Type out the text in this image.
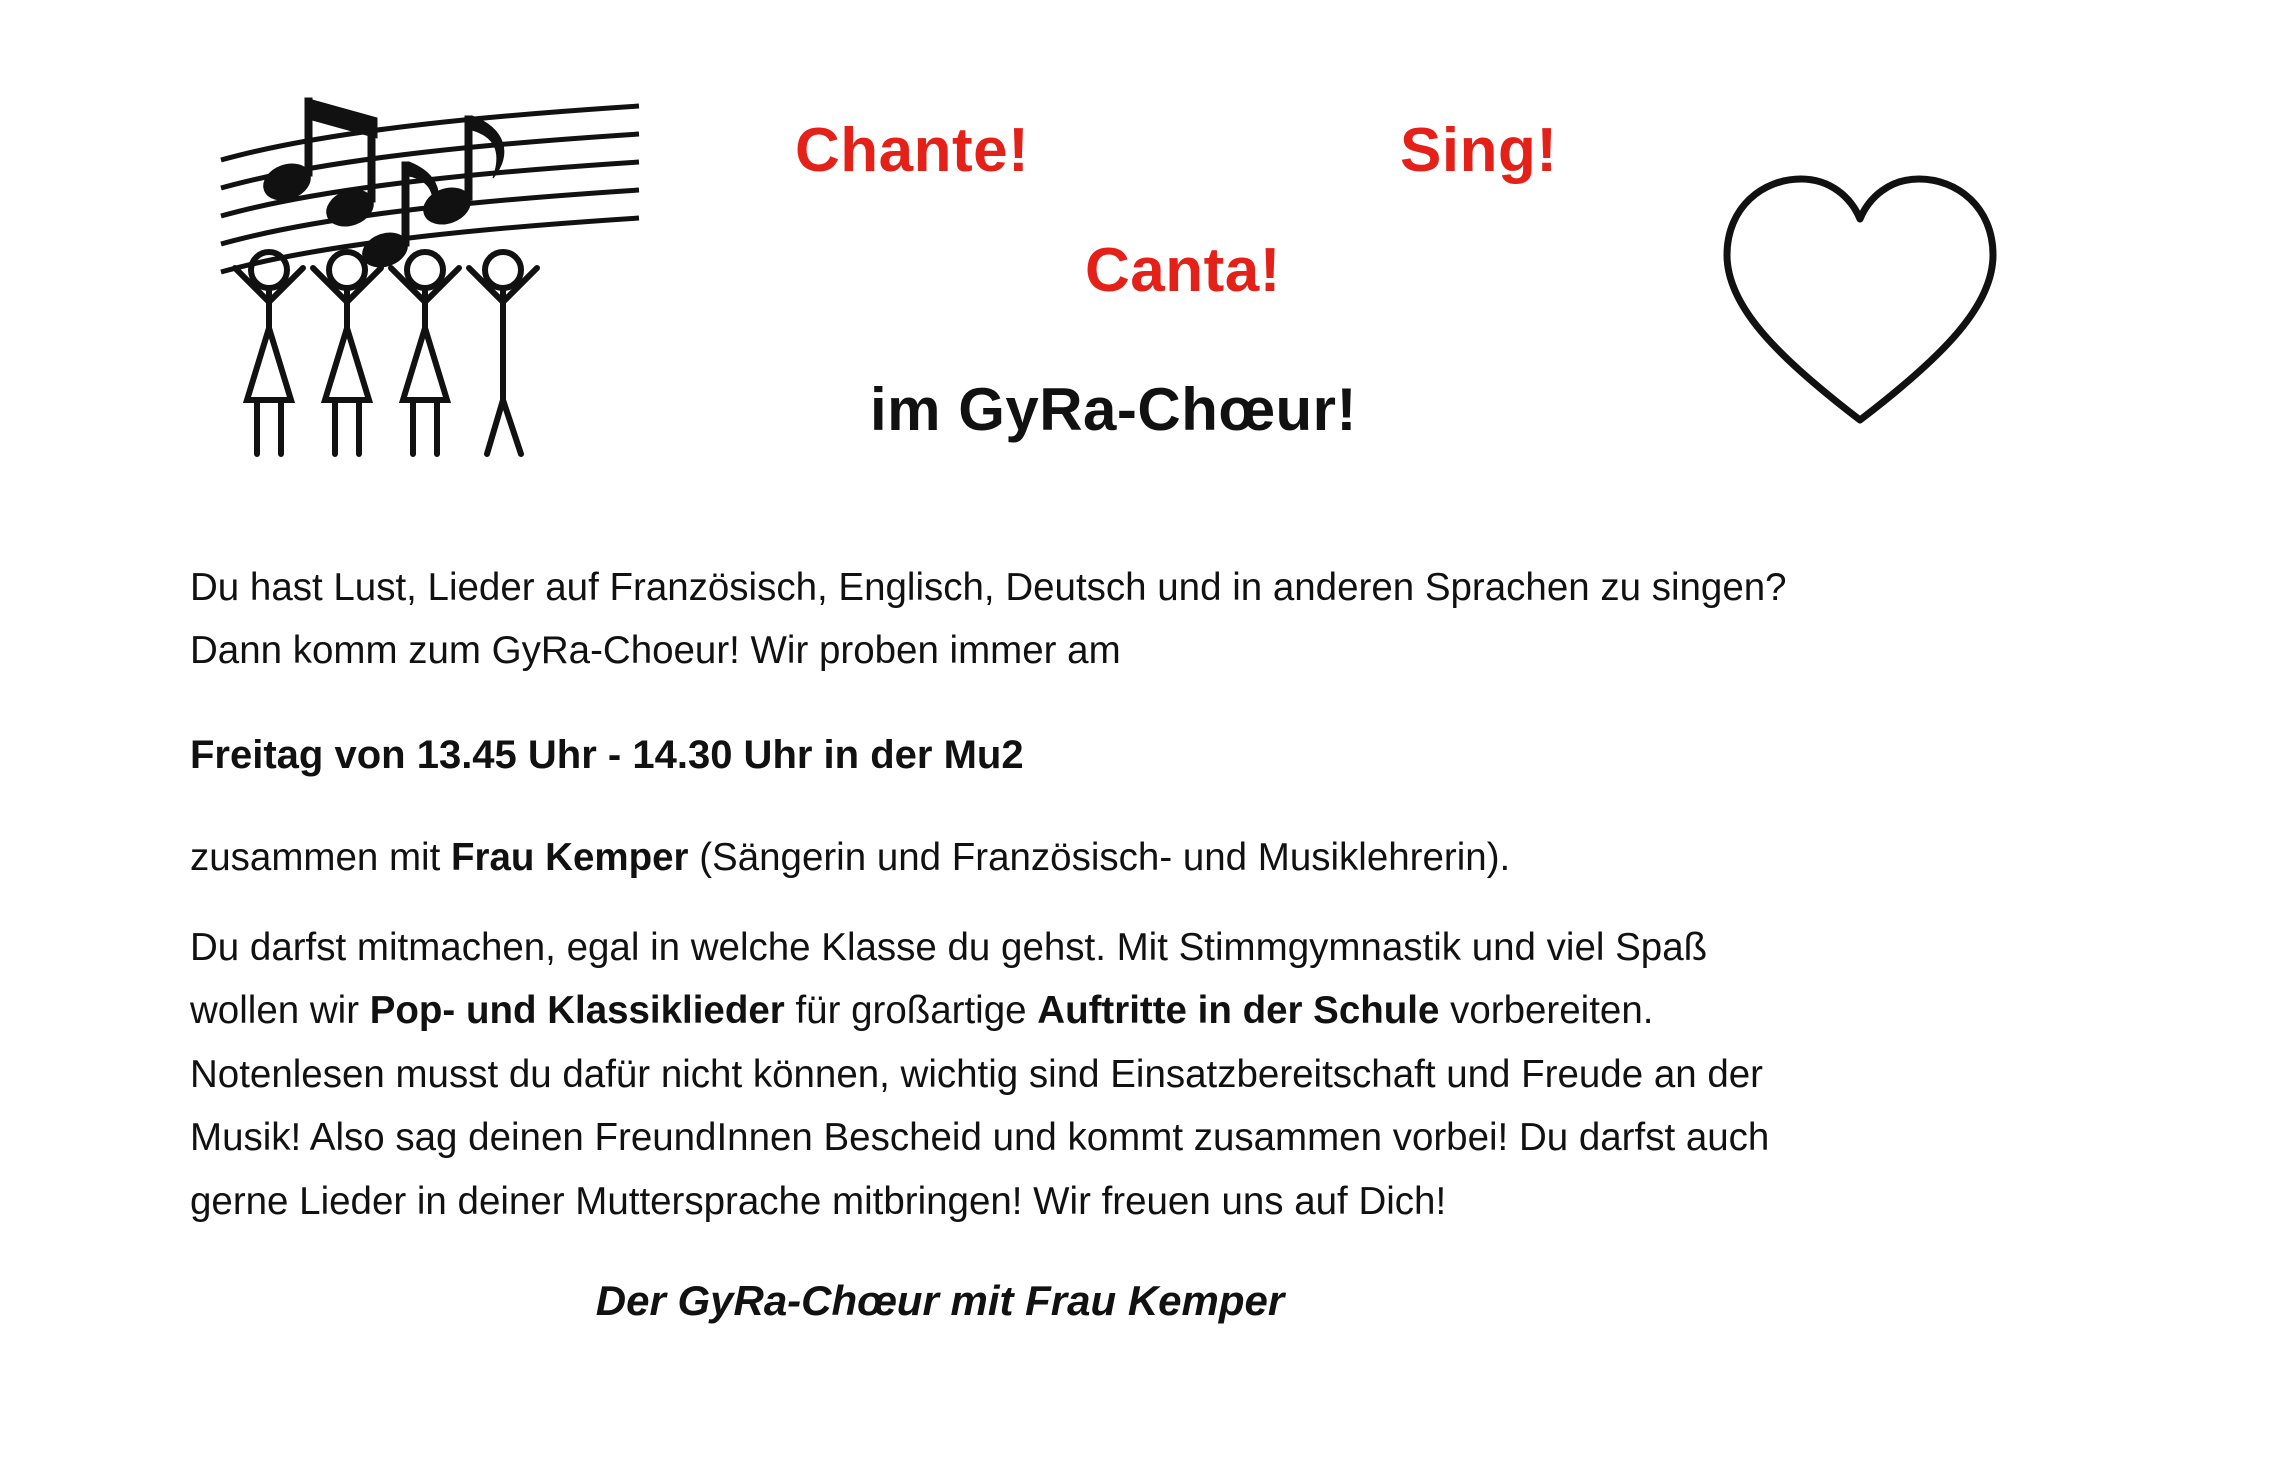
Chante!	Sing!
Canta!
im GyRa-Chœur!

Du hast Lust, Lieder auf Französisch, Englisch, Deutsch und in anderen Sprachen zu singen?

Dann komm zum GyRa-Choeur! Wir proben immer am

Freitag von 13.45 Uhr - 14.30 Uhr in der Mu2

zusammen mit Frau Kemper (Sängerin und Französisch- und Musiklehrerin).

Du darfst mitmachen, egal in welche Klasse du gehst. Mit Stimmgymnastik und viel Spaß

wollen wir Pop- und Klassiklieder für großartige Auftritte in der Schule vorbereiten.

Notenlesen musst du dafür nicht können, wichtig sind Einsatzbereitschaft und Freude an der

Musik! Also sag deinen FreundInnen Bescheid und kommt zusammen vorbei! Du darfst auch

gerne Lieder in deiner Muttersprache mitbringen! Wir freuen uns auf Dich!

Der GyRa-Chœur mit Frau Kemper
